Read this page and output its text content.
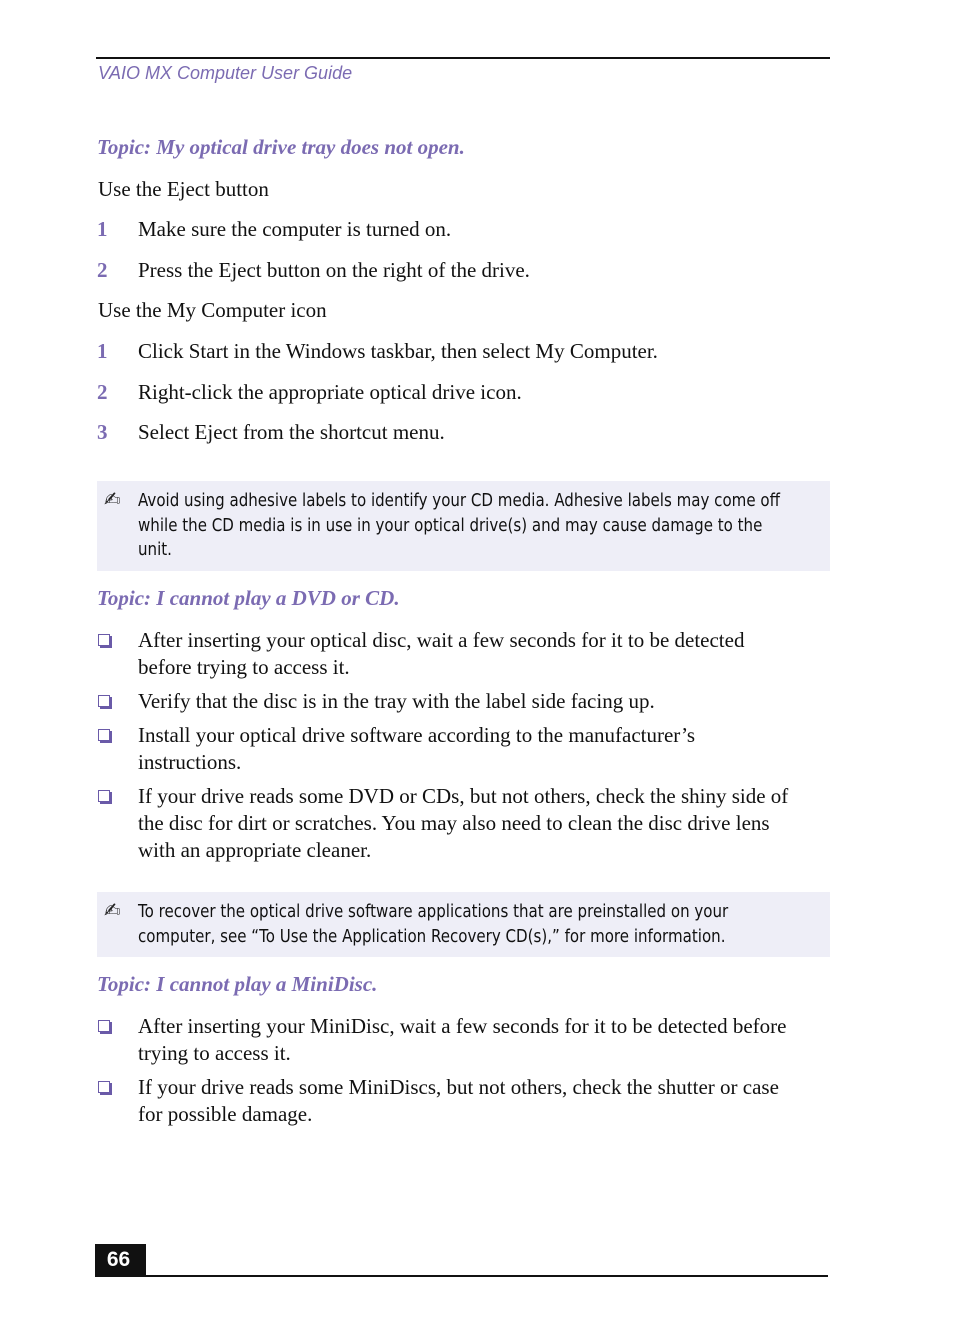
VAIO MX Computer User Guide
Topic: My optical drive tray does not open.
Use the Eject button
1 Make sure the computer is turned on.
2 Press the Eject button on the right of the drive.
Use the My Computer icon
1 Click Start in the Windows taskbar, then select My Computer.
2 Right-click the appropriate optical drive icon.
3 Select Eject from the shortcut menu.
✍ Avoid using adhesive labels to identify your CD media. Adhesive labels may come off
while the CD media is in use in your optical drive(s) and may cause damage to the
unit.
Topic: I cannot play a DVD or CD.
After inserting your optical disc, wait a few seconds for it to be detected
before trying to access it.
Verify that the disc is in the tray with the label side facing up.
Install your optical drive software according to the manufacturer’s
instructions.
If your drive reads some DVD or CDs, but not others, check the shiny side of
the disc for dirt or scratches. You may also need to clean the disc drive lens
with an appropriate cleaner.
✍ To recover the optical drive software applications that are preinstalled on your
computer, see “To Use the Application Recovery CD(s),” for more information.
Topic: I cannot play a MiniDisc.
After inserting your MiniDisc, wait a few seconds for it to be detected before
trying to access it.
If your drive reads some MiniDiscs, but not others, check the shutter or case
for possible damage.
66
